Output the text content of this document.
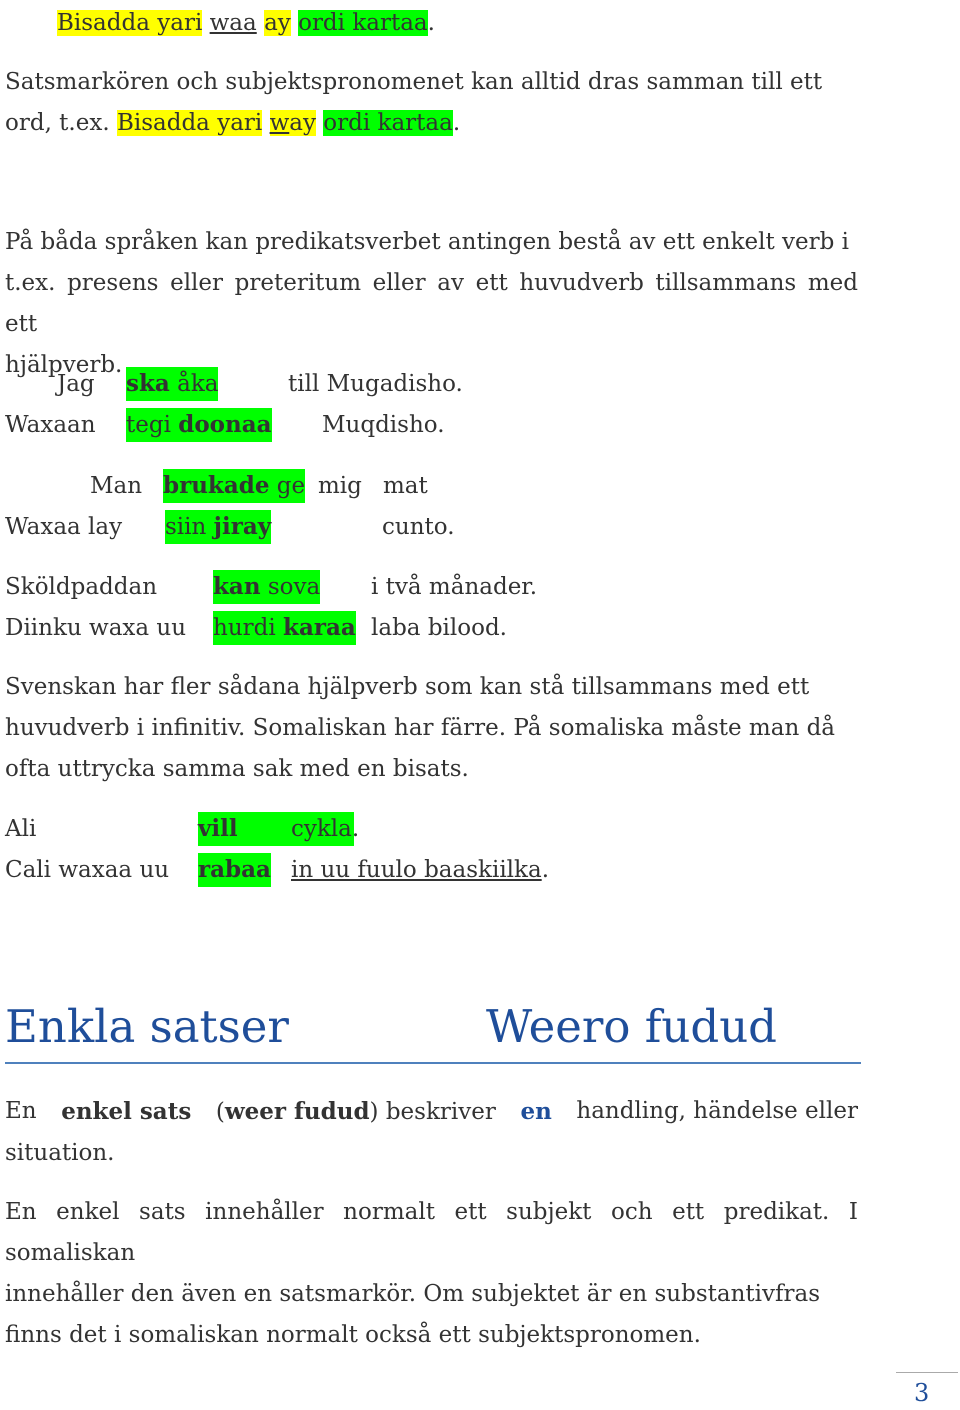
Bisadda yari waa ay ordi kartaa.
Satsmarkören och subjektspronomenet kan alltid dras samman till ett
ord, t.ex. Bisadda yari way ordi kartaa.
På båda språken kan predikatsverbet antingen bestå av ett enkelt verb i
t.ex. presens eller preteritum eller av ett huvudverb tillsammans med ett
hjälpverb.
Jag ska åka	till Mugadisho.
Waxaan tegi doonaa Muqdisho.
Man brukade ge mig mat
Waxaa lay siin jiray	cunto.
Sköldpaddan kan sova i två månader.
Diinku waxa uu hurdi karaa laba bilood.
Svenskan har fler sådana hjälpverb som kan stå tillsammans med ett
huvudverb i infinitiv. Somaliskan har färre. På somaliska måste man då
ofta uttrycka samma sak med en bisats.
Ali	vill	cykla.
Cali waxaa uu rabaa in uu fuulo baaskiilka.
Enkla satser	Weero fudud
En enkel sats (weer fudud) beskriver en handling, händelse eller
situation.
En enkel sats innehåller normalt ett subjekt och ett predikat. I somaliskan
innehåller den även en satsmarkör. Om subjektet är en substantivfras
finns det i somaliskan normalt också ett subjektspronomen.
3
